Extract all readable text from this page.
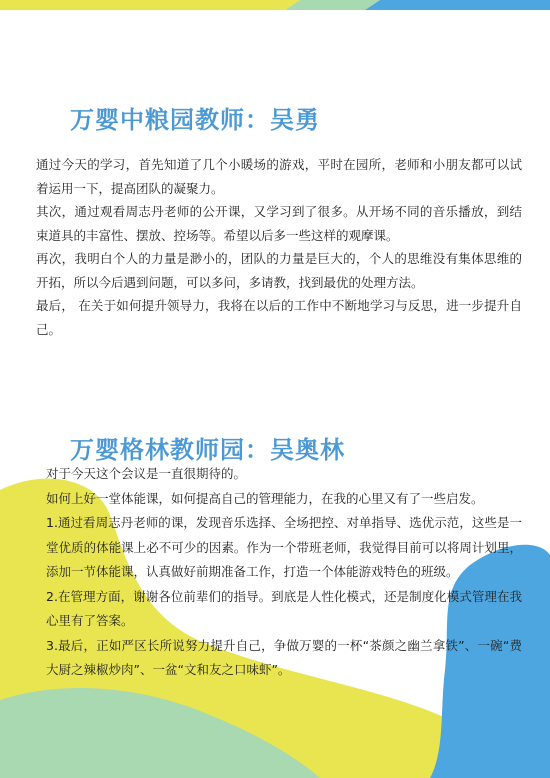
万婴中粮园教师：吴勇

通过今天的学习，首先知道了几个小暖场的游戏，平时在园所，老师和小朋友都可以试着运用一下，提高团队的凝聚力。

其次，通过观看周志丹老师的公开课，又学习到了很多。从开场不同的音乐播放，到结束道具的丰富性、摆放、控场等。希望以后多一些这样的观摩课。

再次，我明白个人的力量是渺小的，团队的力量是巨大的，个人的思维没有集体思维的开拓，所以今后遇到问题，可以多问，多请教，找到最优的处理方法。

最后， 在关于如何提升领导力，我将在以后的工作中不断地学习与反思，进一步提升自己。

万婴格林教师园：吴奥林

对于今天这个会议是一直很期待的。

如何上好一堂体能课，如何提高自己的管理能力，在我的心里又有了一些启发。

1.通过看周志丹老师的课，发现音乐选择、全场把控、对单指导、选优示范，这些是一堂优质的体能课上必不可少的因素。作为一个带班老师，我觉得目前可以将周计划里，添加一节体能课，认真做好前期准备工作，打造一个体能游戏特色的班级。

2.在管理方面，谢谢各位前辈们的指导。到底是人性化模式，还是制度化模式管理在我心里有了答案。

3.最后，正如严区长所说努力提升自己，争做万婴的一杯“茶颜之幽兰拿铁”、一碗“费大厨之辣椒炒肉”、一盆“文和友之口味虾”。
